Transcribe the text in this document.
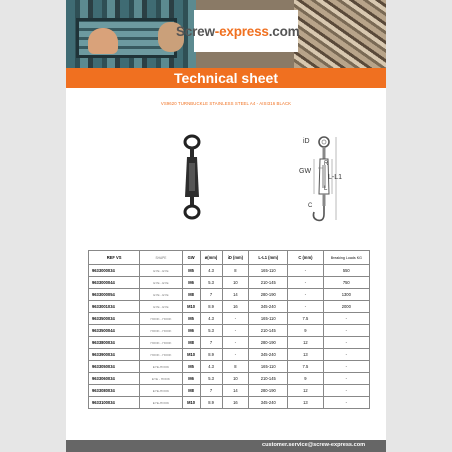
Screw-express.com
Technical sheet
VS9620 TURNBUCKLE STAINLESS STEEL A4 - AISI316 BLACK
iD
GW
R
L-L1
L
C
REF VS	SHAPE	GW	ø(mm)	iD (mm)	L-L1 (mm)	C (mm)	Breaking Loads KG
9633000034	EYE - EYE	M5	4.3	8	165-110	-	550
9633000044	EYE - EYE	M6	5.3	10	210-145	-	750
9633000054	EYE - EYE	M8	7	14	280-190	-	1300
9633001034	EYE - EYE	M10	8.9	16	345-240	-	2000
9633500034	HOOK - HOOK	M5	4.3	-	165-110	7.5	-
9633500044	HOOK - HOOK	M6	5.3	-	210-145	9	-
9633800034	HOOK - HOOK	M8	7	-	280-190	12	-
9633900034	HOOK - HOOK	M10	8.9	-	345-240	13	-
9633050034	EYE-HOOK	M5	4.3	8	165-110	7.5	-
9633060034	EYE - HOOK	M6	5.3	10	210-145	9	-
9633080034	EYE-HOOK	M8	7	14	280-190	12	-
9633100034	EYE-HOOK	M10	8.9	16	345-240	13	-
customer.service@screw-express.com
